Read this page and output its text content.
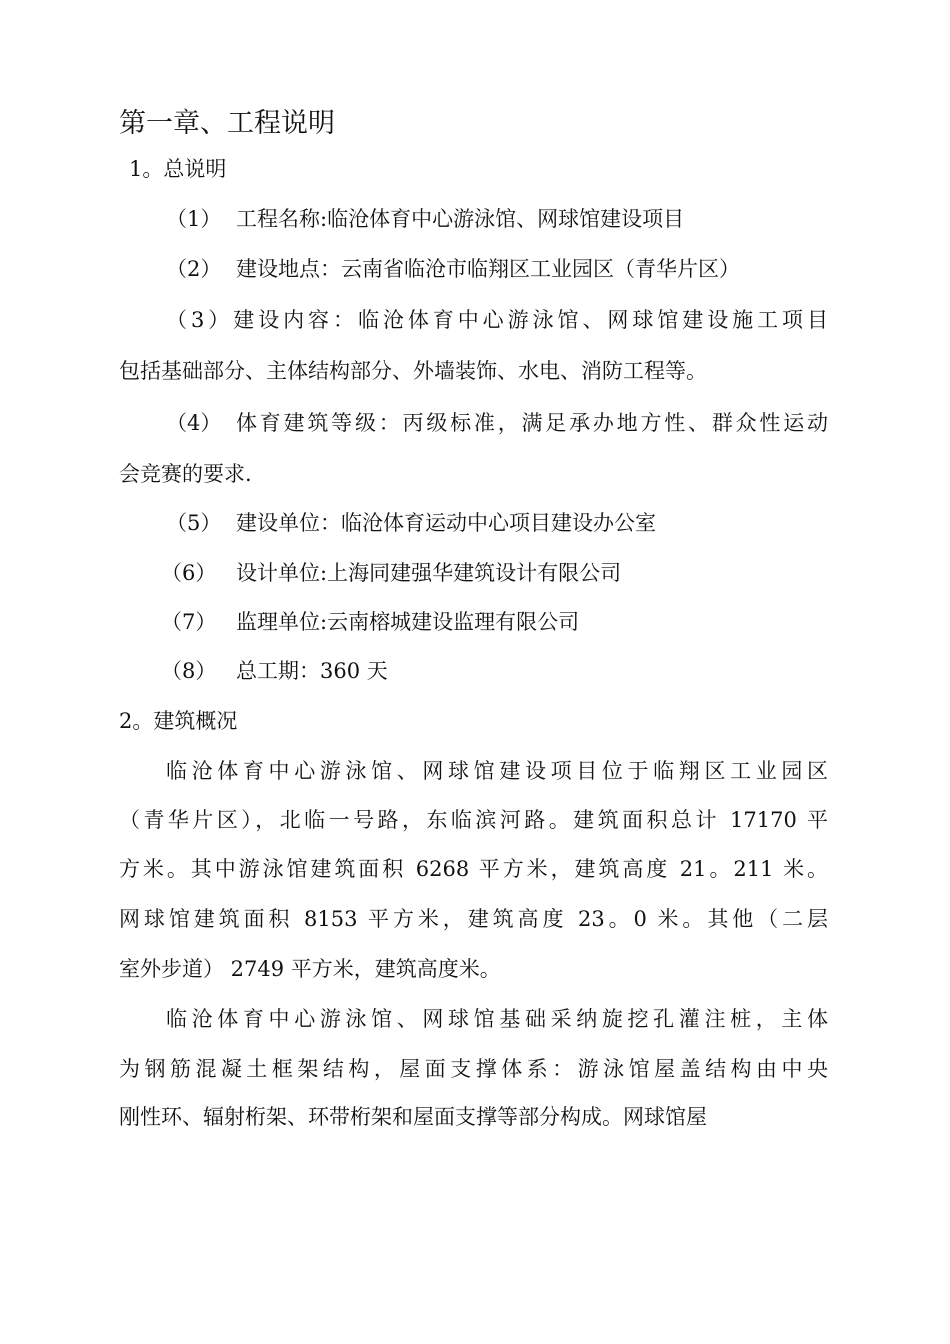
第一章、工程说明
1。总说明
（1） 工程名称:临沧体育中心游泳馆、网球馆建设项目
（2） 建设地点：云南省临沧市临翔区工业园区（青华片区）
（3）建设内容：临沧体育中心游泳馆、网球馆建设施工项目
包括基础部分、主体结构部分、外墙装饰、水电、消防工程等。
（4） 体育建筑等级：丙级标准，满足承办地方性、群众性运动
会竞赛的要求.
（5） 建设单位：临沧体育运动中心项目建设办公室
（6） 设计单位:上海同建强华建筑设计有限公司
（7） 监理单位:云南榕城建设监理有限公司
（8） 总工期：360 天
2。建筑概况
临沧体育中心游泳馆、网球馆建设项目位于临翔区工业园区
（青华片区），北临一号路，东临滨河路。建筑面积总计 17170 平
方米。其中游泳馆建筑面积 6268 平方米，建筑高度 21。211 米。
网球馆建筑面积 8153 平方米，建筑高度 23。0 米。其他（二层
室外步道） 2749 平方米，建筑高度米。
临沧体育中心游泳馆、网球馆基础采纳旋挖孔灌注桩，主体
为钢筋混凝土框架结构，屋面支撑体系：游泳馆屋盖结构由中央
刚性环、辐射桁架、环带桁架和屋面支撑等部分构成。网球馆屋
